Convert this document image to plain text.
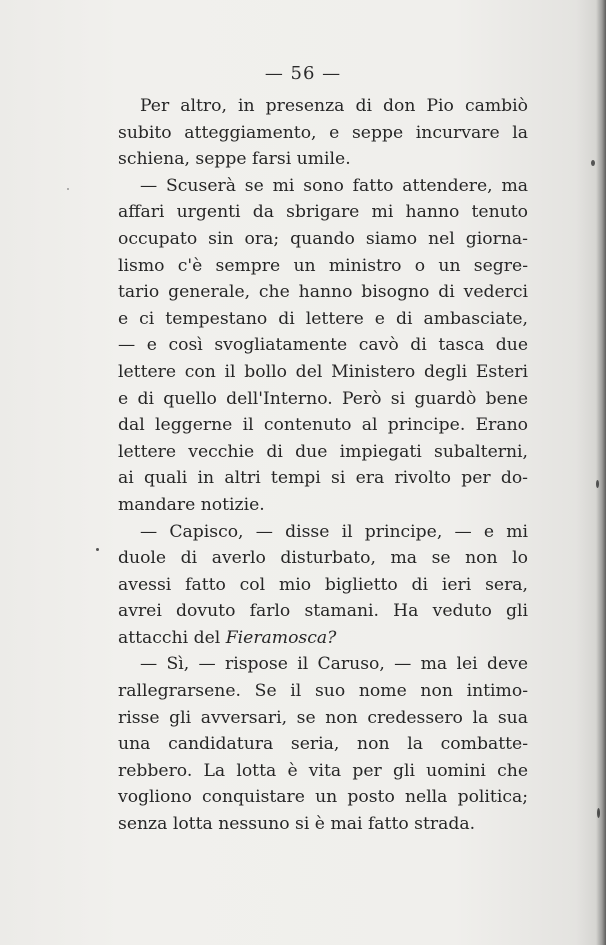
— 56 —
Per altro, in presenza di don Pio cambiò
subito atteggiamento, e seppe incurvare la
schiena, seppe farsi umile.
— Scuserà se mi sono fatto attendere, ma
affari urgenti da sbrigare mi hanno tenuto
occupato sin ora; quando siamo nel giorna-
lismo c'è sempre un ministro o un segre-
tario generale, che hanno bisogno di vederci
e ci tempestano di lettere e di ambasciate,
— e così svogliatamente cavò di tasca due
lettere con il bollo del Ministero degli Esteri
e di quello dell'Interno. Però si guardò bene
dal leggerne il contenuto al principe. Erano
lettere vecchie di due impiegati subalterni,
ai quali in altri tempi si era rivolto per do-
mandare notizie.
— Capisco, — disse il principe, — e mi
duole di averlo disturbato, ma se non lo
avessi fatto col mio biglietto di ieri sera,
avrei dovuto farlo stamani. Ha veduto gli
attacchi del Fieramosca?
— Sì, — rispose il Caruso, — ma lei deve
rallegrarsene. Se il suo nome non intimo-
risse gli avversari, se non credessero la sua
una candidatura seria, non la combatte-
rebbero. La lotta è vita per gli uomini che
vogliono conquistare un posto nella politica;
senza lotta nessuno si è mai fatto strada.
